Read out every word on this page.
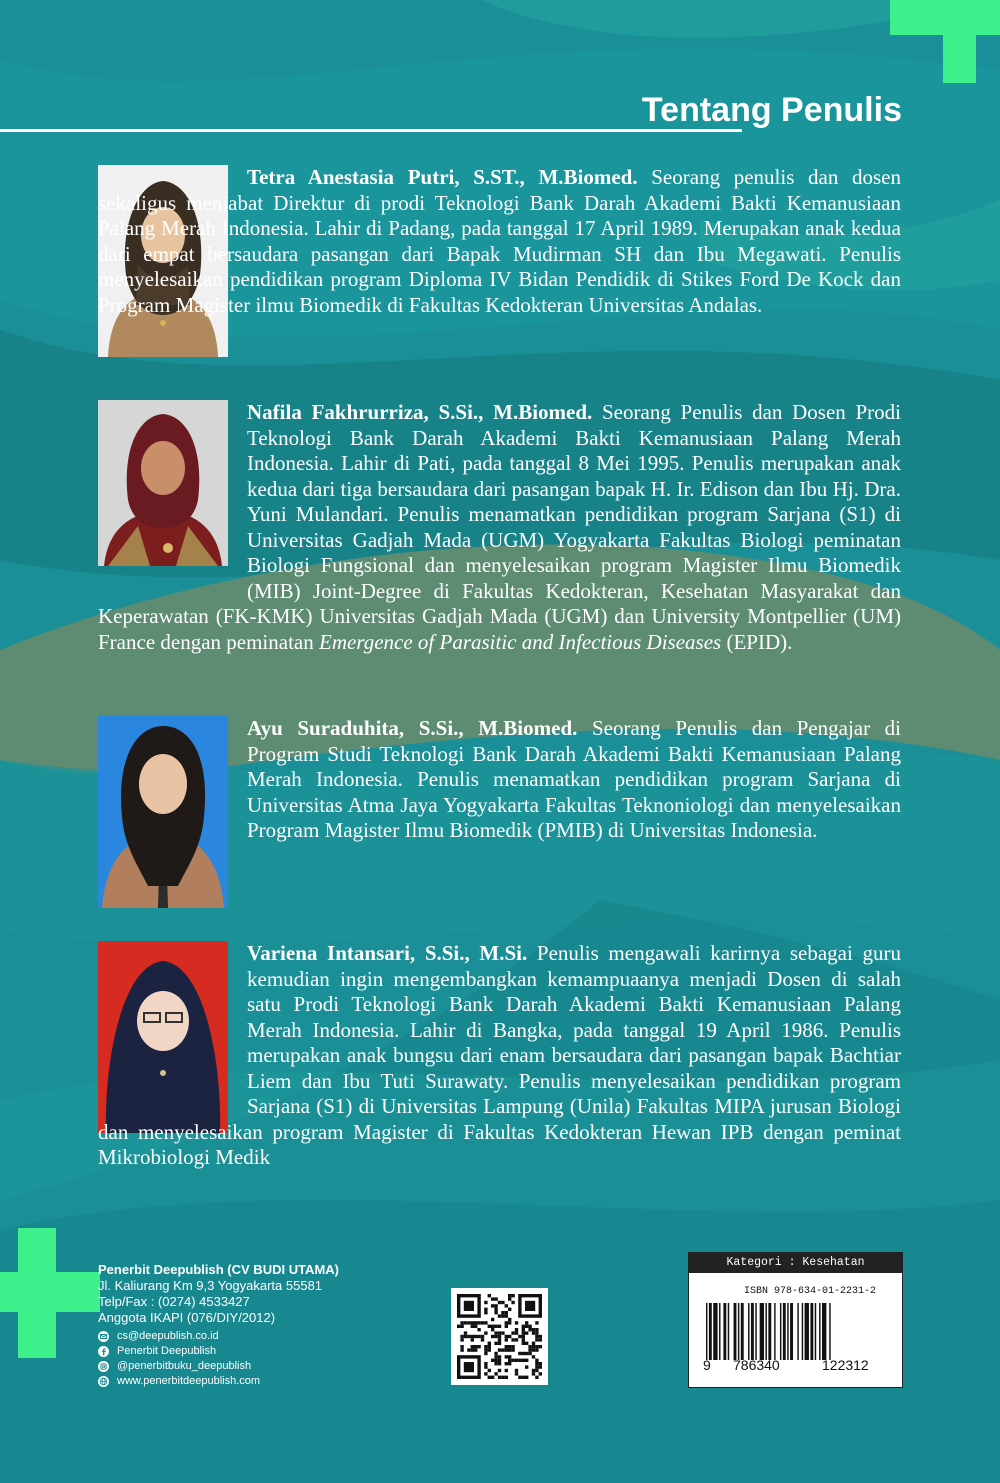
Tentang Penulis

Tetra Anestasia Putri, S.ST., M.Biomed. Seorang penulis dan dosen sekaligus menjabat Direktur di prodi Teknologi Bank Darah Akademi Bakti Kemanusiaan Palang Merah Indonesia. Lahir di Padang, pada tanggal 17 April 1989. Merupakan anak kedua dari empat bersaudara pasangan dari Bapak Mudirman SH dan Ibu Megawati. Penulis menyelesaikan pendidikan program Diploma IV Bidan Pendidik di Stikes Ford De Kock dan Program Magister ilmu Biomedik di Fakultas Kedokteran Universitas Andalas.

Nafila Fakhrurriza, S.Si., M.Biomed. Seorang Penulis dan Dosen Prodi Teknologi Bank Darah Akademi Bakti Kemanusiaan Palang Merah Indonesia. Lahir di Pati, pada tanggal 8 Mei 1995. Penulis merupakan anak kedua dari tiga bersaudara dari pasangan bapak H. Ir. Edison dan Ibu Hj. Dra. Yuni Mulandari. Penulis menamatkan pendidikan program Sarjana (S1) di Universitas Gadjah Mada (UGM) Yogyakarta Fakultas Biologi peminatan Biologi Fungsional dan menyelesaikan program Magister Ilmu Biomedik (MIB) Joint-Degree di Fakultas Kedokteran, Kesehatan Masyarakat dan Keperawatan (FK-KMK) Universitas Gadjah Mada (UGM) dan University Montpellier (UM) France dengan peminatan Emergence of Parasitic and Infectious Diseases (EPID).

Ayu Suraduhita, S.Si., M.Biomed. Seorang Penulis dan Pengajar di Program Studi Teknologi Bank Darah Akademi Bakti Kemanusiaan Palang Merah Indonesia. Penulis menamatkan pendidikan program Sarjana di Universitas Atma Jaya Yogyakarta Fakultas Teknoniologi dan menyelesaikan Program Magister Ilmu Biomedik (PMIB) di Universitas Indonesia.

Variena Intansari, S.Si., M.Si. Penulis mengawali karirnya sebagai guru kemudian ingin mengembangkan kemampuaanya menjadi Dosen di salah satu Prodi Teknologi Bank Darah Akademi Bakti Kemanusiaan Palang Merah Indonesia. Lahir di Bangka, pada tanggal 19 April 1986. Penulis merupakan anak bungsu dari enam bersaudara dari pasangan bapak Bachtiar Liem dan Ibu Tuti Surawaty. Penulis menyelesaikan pendidikan program Sarjana (S1) di Universitas Lampung (Unila) Fakultas MIPA jurusan Biologi dan menyelesaikan program Magister di Fakultas Kedokteran Hewan IPB dengan peminat Mikrobiologi Medik

Penerbit Deepublish (CV BUDI UTAMA)
Jl. Kaliurang Km 9,3 Yogyakarta 55581
Telp/Fax : (0274) 4533427
Anggota IKAPI (076/DIY/2012)
cs@deepublish.co.id
Penerbit Deepublish
@penerbitbuku_deepublish
www.penerbitdeepublish.com
Kategori : Kesehatan
ISBN 978-634-01-2231-2
9 786340	122312
